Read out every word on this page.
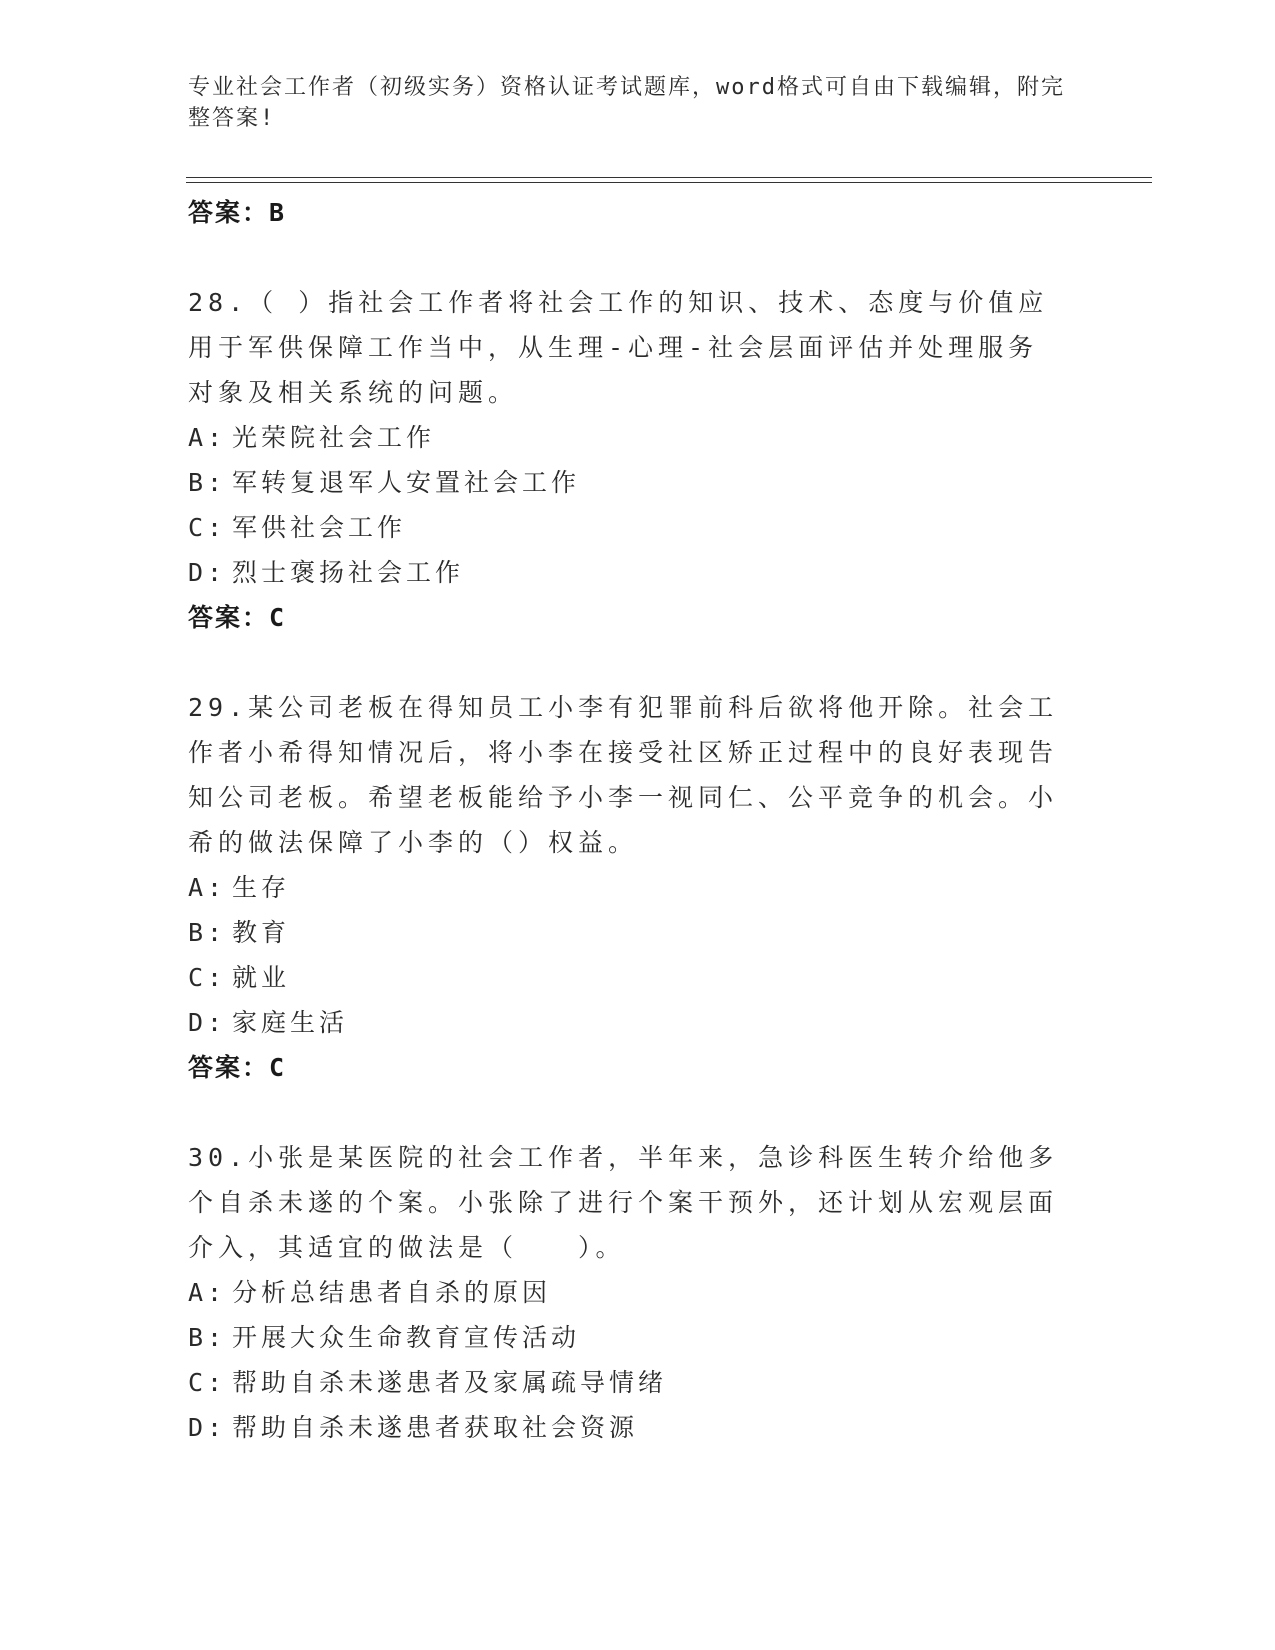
专业社会工作者（初级实务）资格认证考试题库，word格式可自由下载编辑，附完整答案!
答案：B
28.（ ）指社会工作者将社会工作的知识、技术、态度与价值应用于军供保障工作当中，从生理-心理-社会层面评估并处理服务对象及相关系统的问题。
A: 光荣院社会工作
B: 军转复退军人安置社会工作
C: 军供社会工作
D: 烈士褒扬社会工作
答案：C
29.某公司老板在得知员工小李有犯罪前科后欲将他开除。社会工作者小希得知情况后，将小李在接受社区矫正过程中的良好表现告知公司老板。希望老板能给予小李一视同仁、公平竞争的机会。小希的做法保障了小李的（）权益。
A: 生存
B: 教育
C: 就业
D: 家庭生活
答案：C
30.小张是某医院的社会工作者，半年来，急诊科医生转介给他多个自杀未遂的个案。小张除了进行个案干预外，还计划从宏观层面介入，其适宜的做法是（　　）。
A: 分析总结患者自杀的原因
B: 开展大众生命教育宣传活动
C: 帮助自杀未遂患者及家属疏导情绪
D: 帮助自杀未遂患者获取社会资源
